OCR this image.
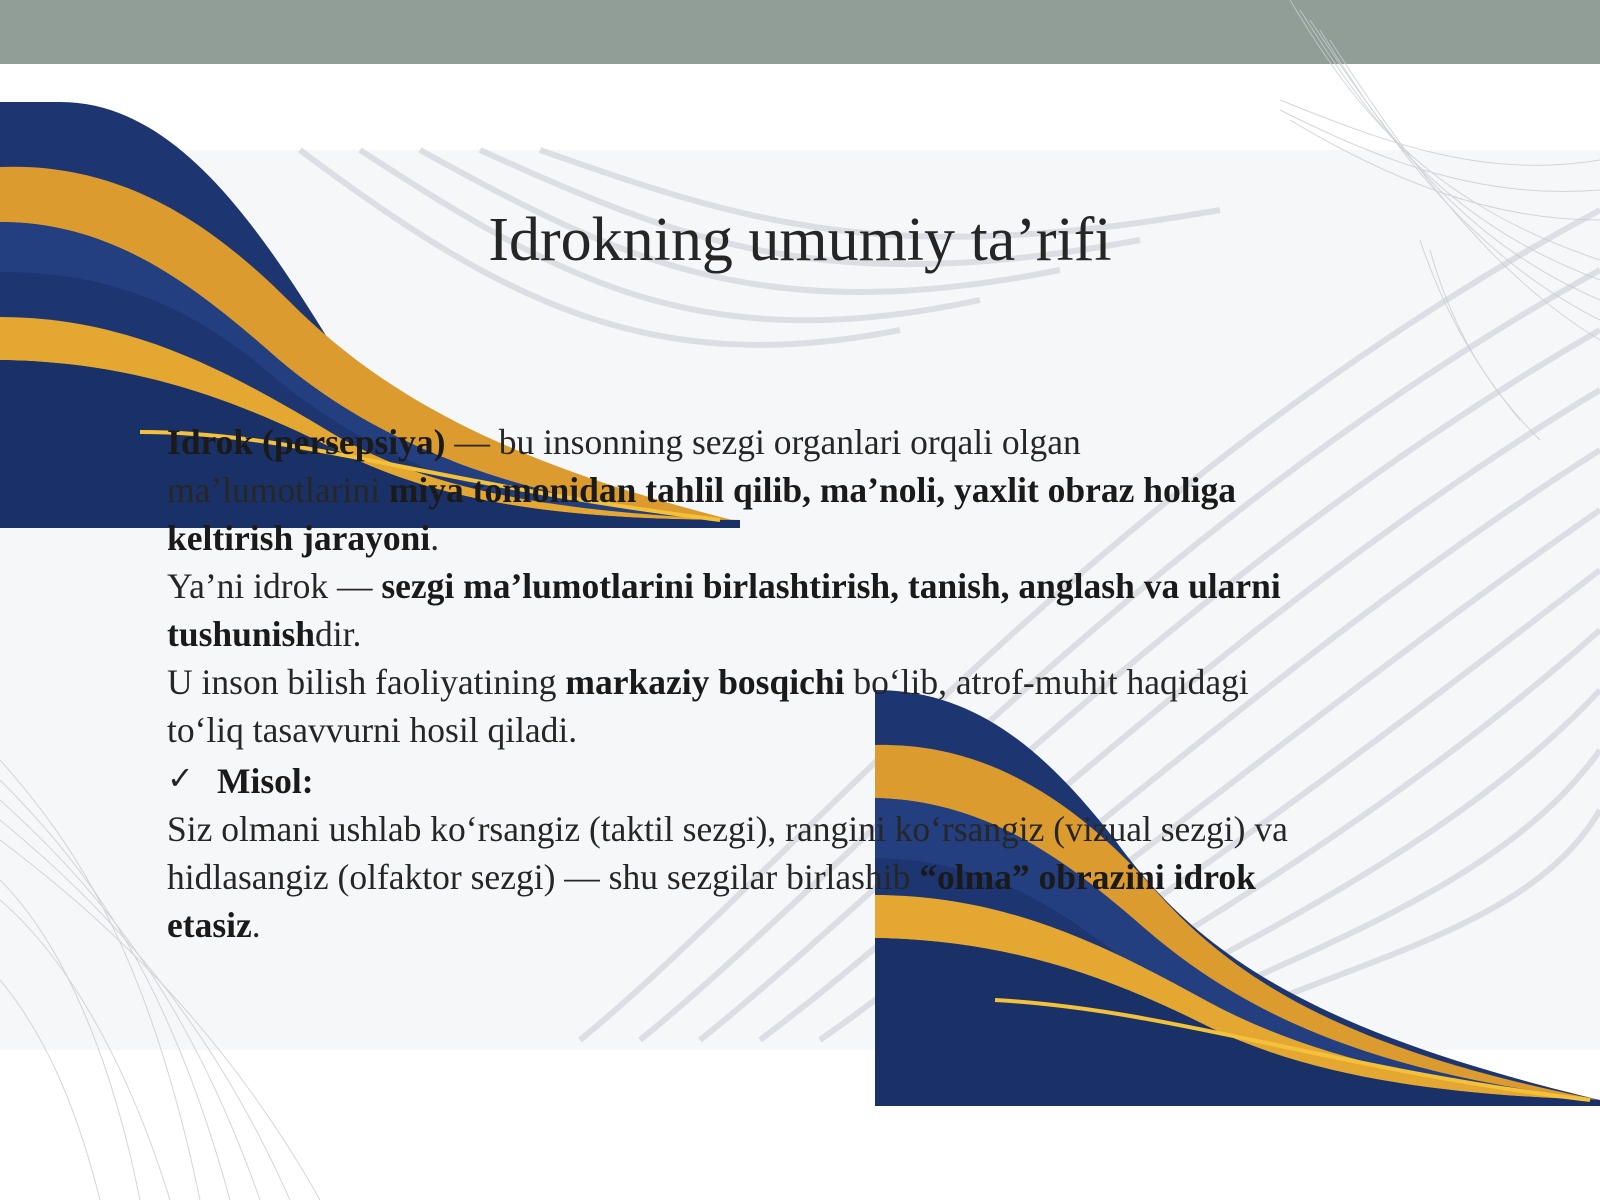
Idrokning umumiy ta’rifi

Idrok (persepsiya) — bu insonning sezgi organlari orqali olgan ma’lumotlarini miya tomonidan tahlil qilib, ma’noli, yaxlit obraz holiga keltirish jarayoni.

Ya’ni idrok — sezgi ma’lumotlarini birlashtirish, tanish, anglash va ularni tushunishdir.

U inson bilish faoliyatining markaziy bosqichi bo‘lib, atrof-muhit haqidagi to‘liq tasavvurni hosil qiladi.

✓ Misol:

Siz olmani ushlab ko‘rsangiz (taktil sezgi), rangini ko‘rsangiz (vizual sezgi) va hidlasangiz (olfaktor sezgi) — shu sezgilar birlashib “olma” obrazini idrok etasiz.
